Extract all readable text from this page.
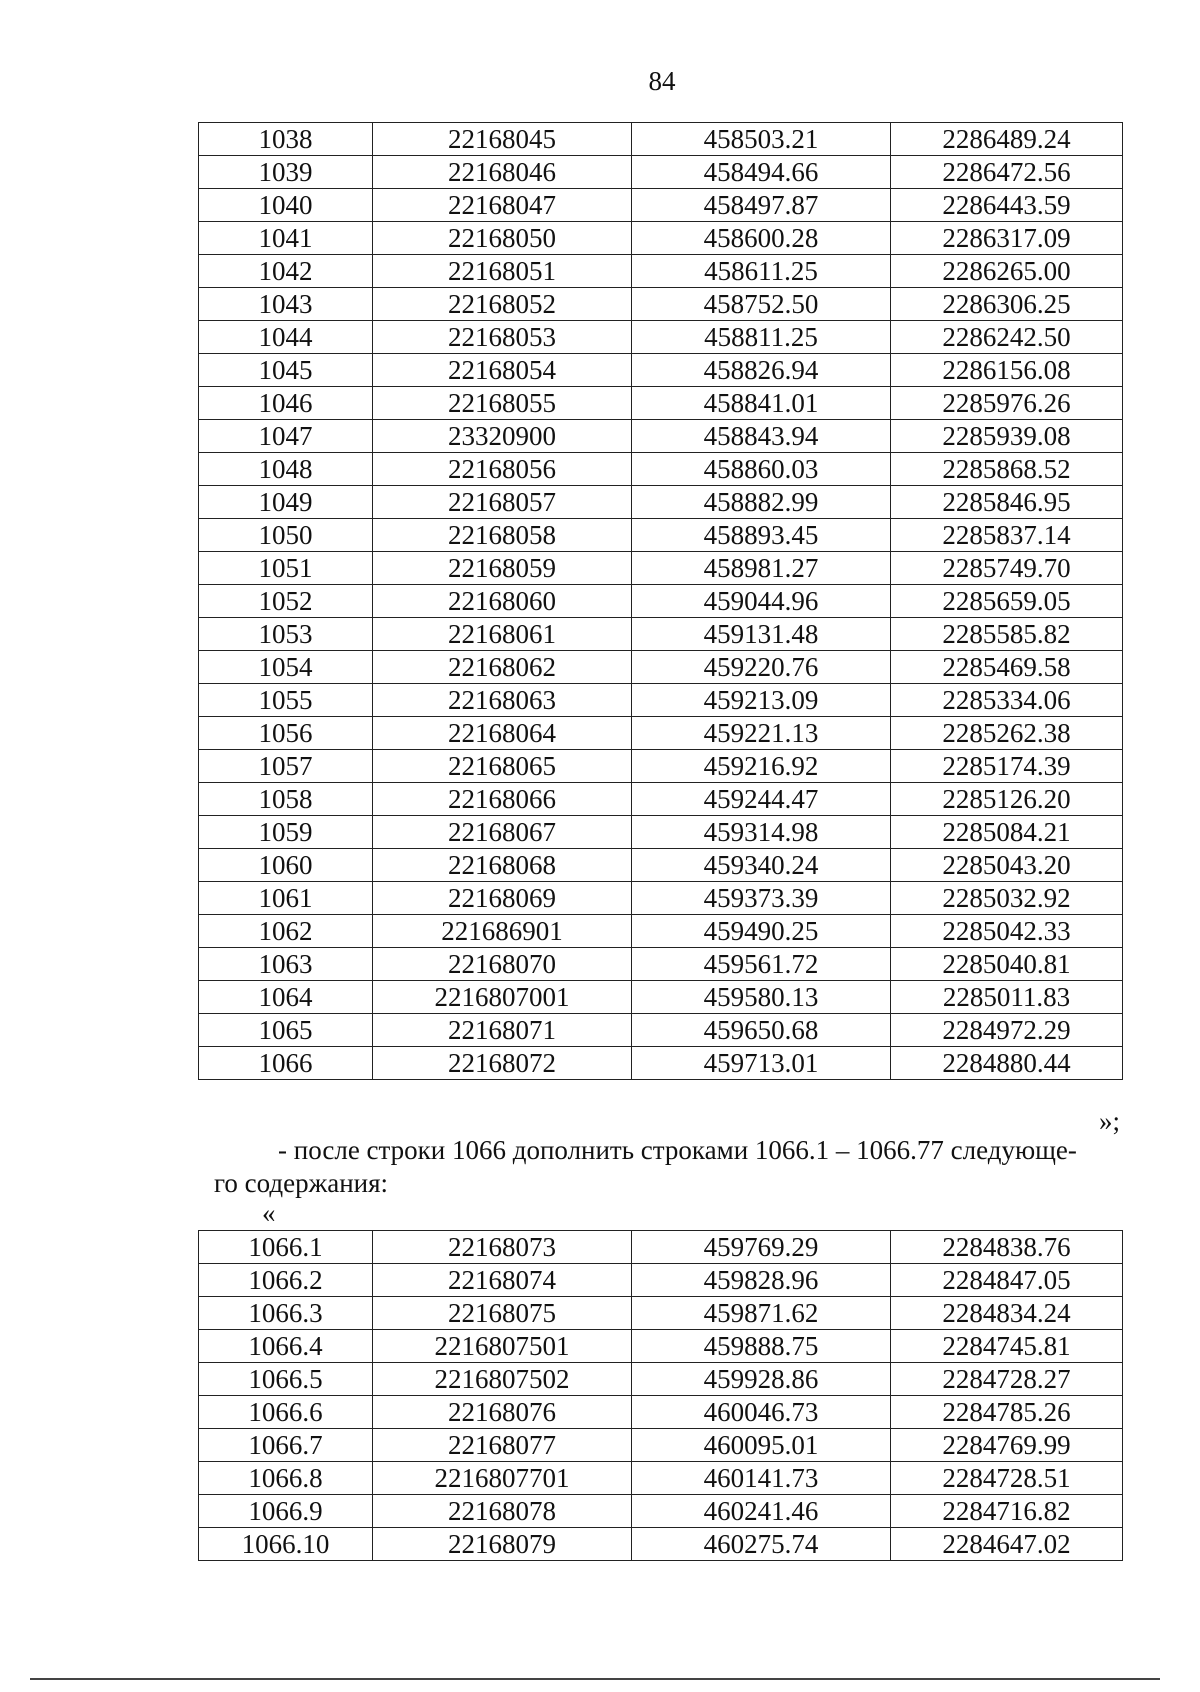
84
1038	22168045	458503.21	2286489.24
1039	22168046	458494.66	2286472.56
1040	22168047	458497.87	2286443.59
1041	22168050	458600.28	2286317.09
1042	22168051	458611.25	2286265.00
1043	22168052	458752.50	2286306.25
1044	22168053	458811.25	2286242.50
1045	22168054	458826.94	2286156.08
1046	22168055	458841.01	2285976.26
1047	23320900	458843.94	2285939.08
1048	22168056	458860.03	2285868.52
1049	22168057	458882.99	2285846.95
1050	22168058	458893.45	2285837.14
1051	22168059	458981.27	2285749.70
1052	22168060	459044.96	2285659.05
1053	22168061	459131.48	2285585.82
1054	22168062	459220.76	2285469.58
1055	22168063	459213.09	2285334.06
1056	22168064	459221.13	2285262.38
1057	22168065	459216.92	2285174.39
1058	22168066	459244.47	2285126.20
1059	22168067	459314.98	2285084.21
1060	22168068	459340.24	2285043.20
1061	22168069	459373.39	2285032.92
1062	221686901	459490.25	2285042.33
1063	22168070	459561.72	2285040.81
1064	2216807001	459580.13	2285011.83
1065	22168071	459650.68	2284972.29
1066	22168072	459713.01	2284880.44
»;
- после строки 1066 дополнить строками 1066.1 – 1066.77 следующе-
го содержания:
«
1066.1	22168073	459769.29	2284838.76
1066.2	22168074	459828.96	2284847.05
1066.3	22168075	459871.62	2284834.24
1066.4	2216807501	459888.75	2284745.81
1066.5	2216807502	459928.86	2284728.27
1066.6	22168076	460046.73	2284785.26
1066.7	22168077	460095.01	2284769.99
1066.8	2216807701	460141.73	2284728.51
1066.9	22168078	460241.46	2284716.82
1066.10	22168079	460275.74	2284647.02
